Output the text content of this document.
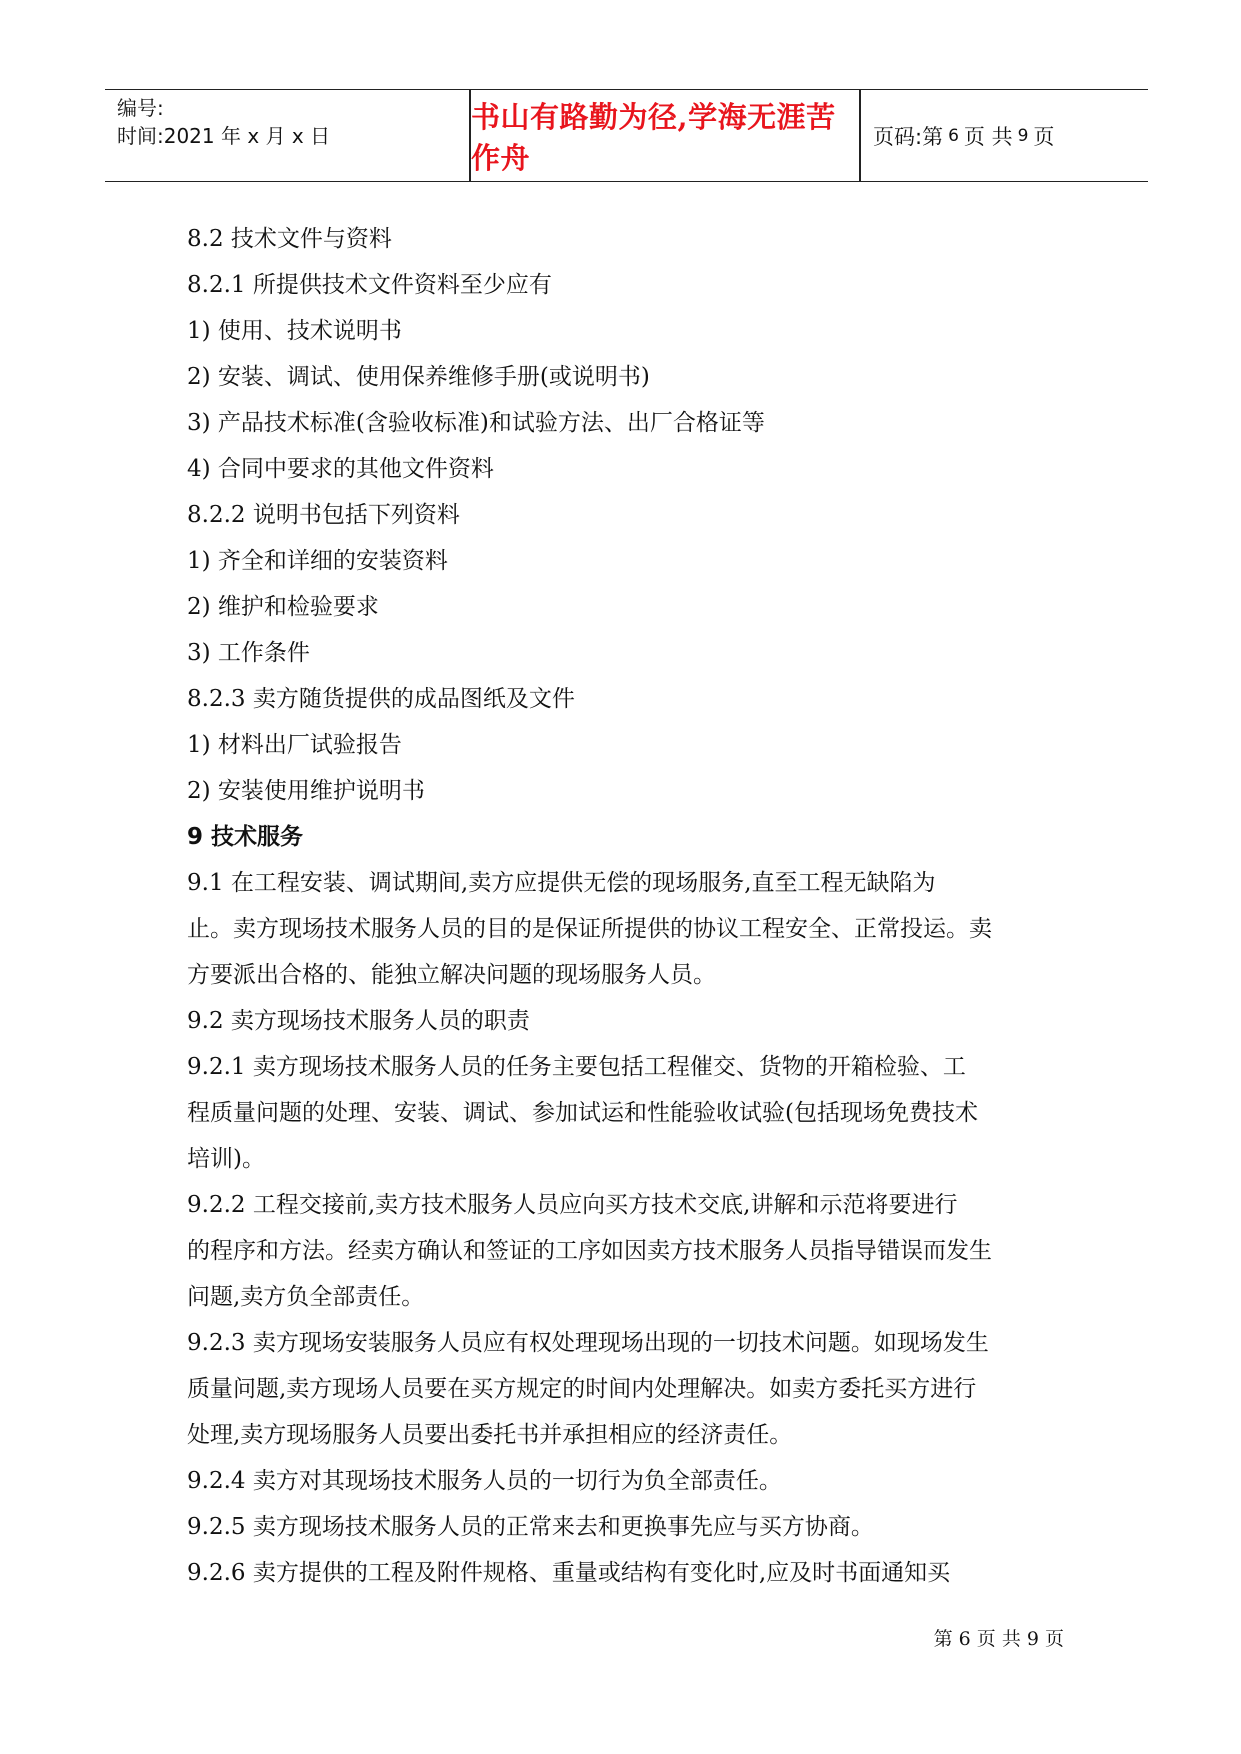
编号:
时间:2021 年 x 月 x 日
书山有路勤为径,学海无涯苦作舟
页码:第 6 页 共 9 页
8.2 技术文件与资料
8.2.1 所提供技术文件资料至少应有
1) 使用、技术说明书
2) 安装、调试、使用保养维修手册(或说明书)
3) 产品技术标准(含验收标准)和试验方法、出厂合格证等
4) 合同中要求的其他文件资料
8.2.2 说明书包括下列资料
1) 齐全和详细的安装资料
2) 维护和检验要求
3) 工作条件
8.2.3 卖方随货提供的成品图纸及文件
1) 材料出厂试验报告
2) 安装使用维护说明书
9 技术服务
9.1 在工程安装、调试期间,卖方应提供无偿的现场服务,直至工程无缺陷为
止。卖方现场技术服务人员的目的是保证所提供的协议工程安全、正常投运。卖
方要派出合格的、能独立解决问题的现场服务人员。
9.2 卖方现场技术服务人员的职责
9.2.1 卖方现场技术服务人员的任务主要包括工程催交、货物的开箱检验、工
程质量问题的处理、安装、调试、参加试运和性能验收试验(包括现场免费技术
培训)。
9.2.2 工程交接前,卖方技术服务人员应向买方技术交底,讲解和示范将要进行
的程序和方法。经卖方确认和签证的工序如因卖方技术服务人员指导错误而发生
问题,卖方负全部责任。
9.2.3 卖方现场安装服务人员应有权处理现场出现的一切技术问题。如现场发生
质量问题,卖方现场人员要在买方规定的时间内处理解决。如卖方委托买方进行
处理,卖方现场服务人员要出委托书并承担相应的经济责任。
9.2.4 卖方对其现场技术服务人员的一切行为负全部责任。
9.2.5 卖方现场技术服务人员的正常来去和更换事先应与买方协商。
9.2.6 卖方提供的工程及附件规格、重量或结构有变化时,应及时书面通知买
第 6 页 共 9 页
